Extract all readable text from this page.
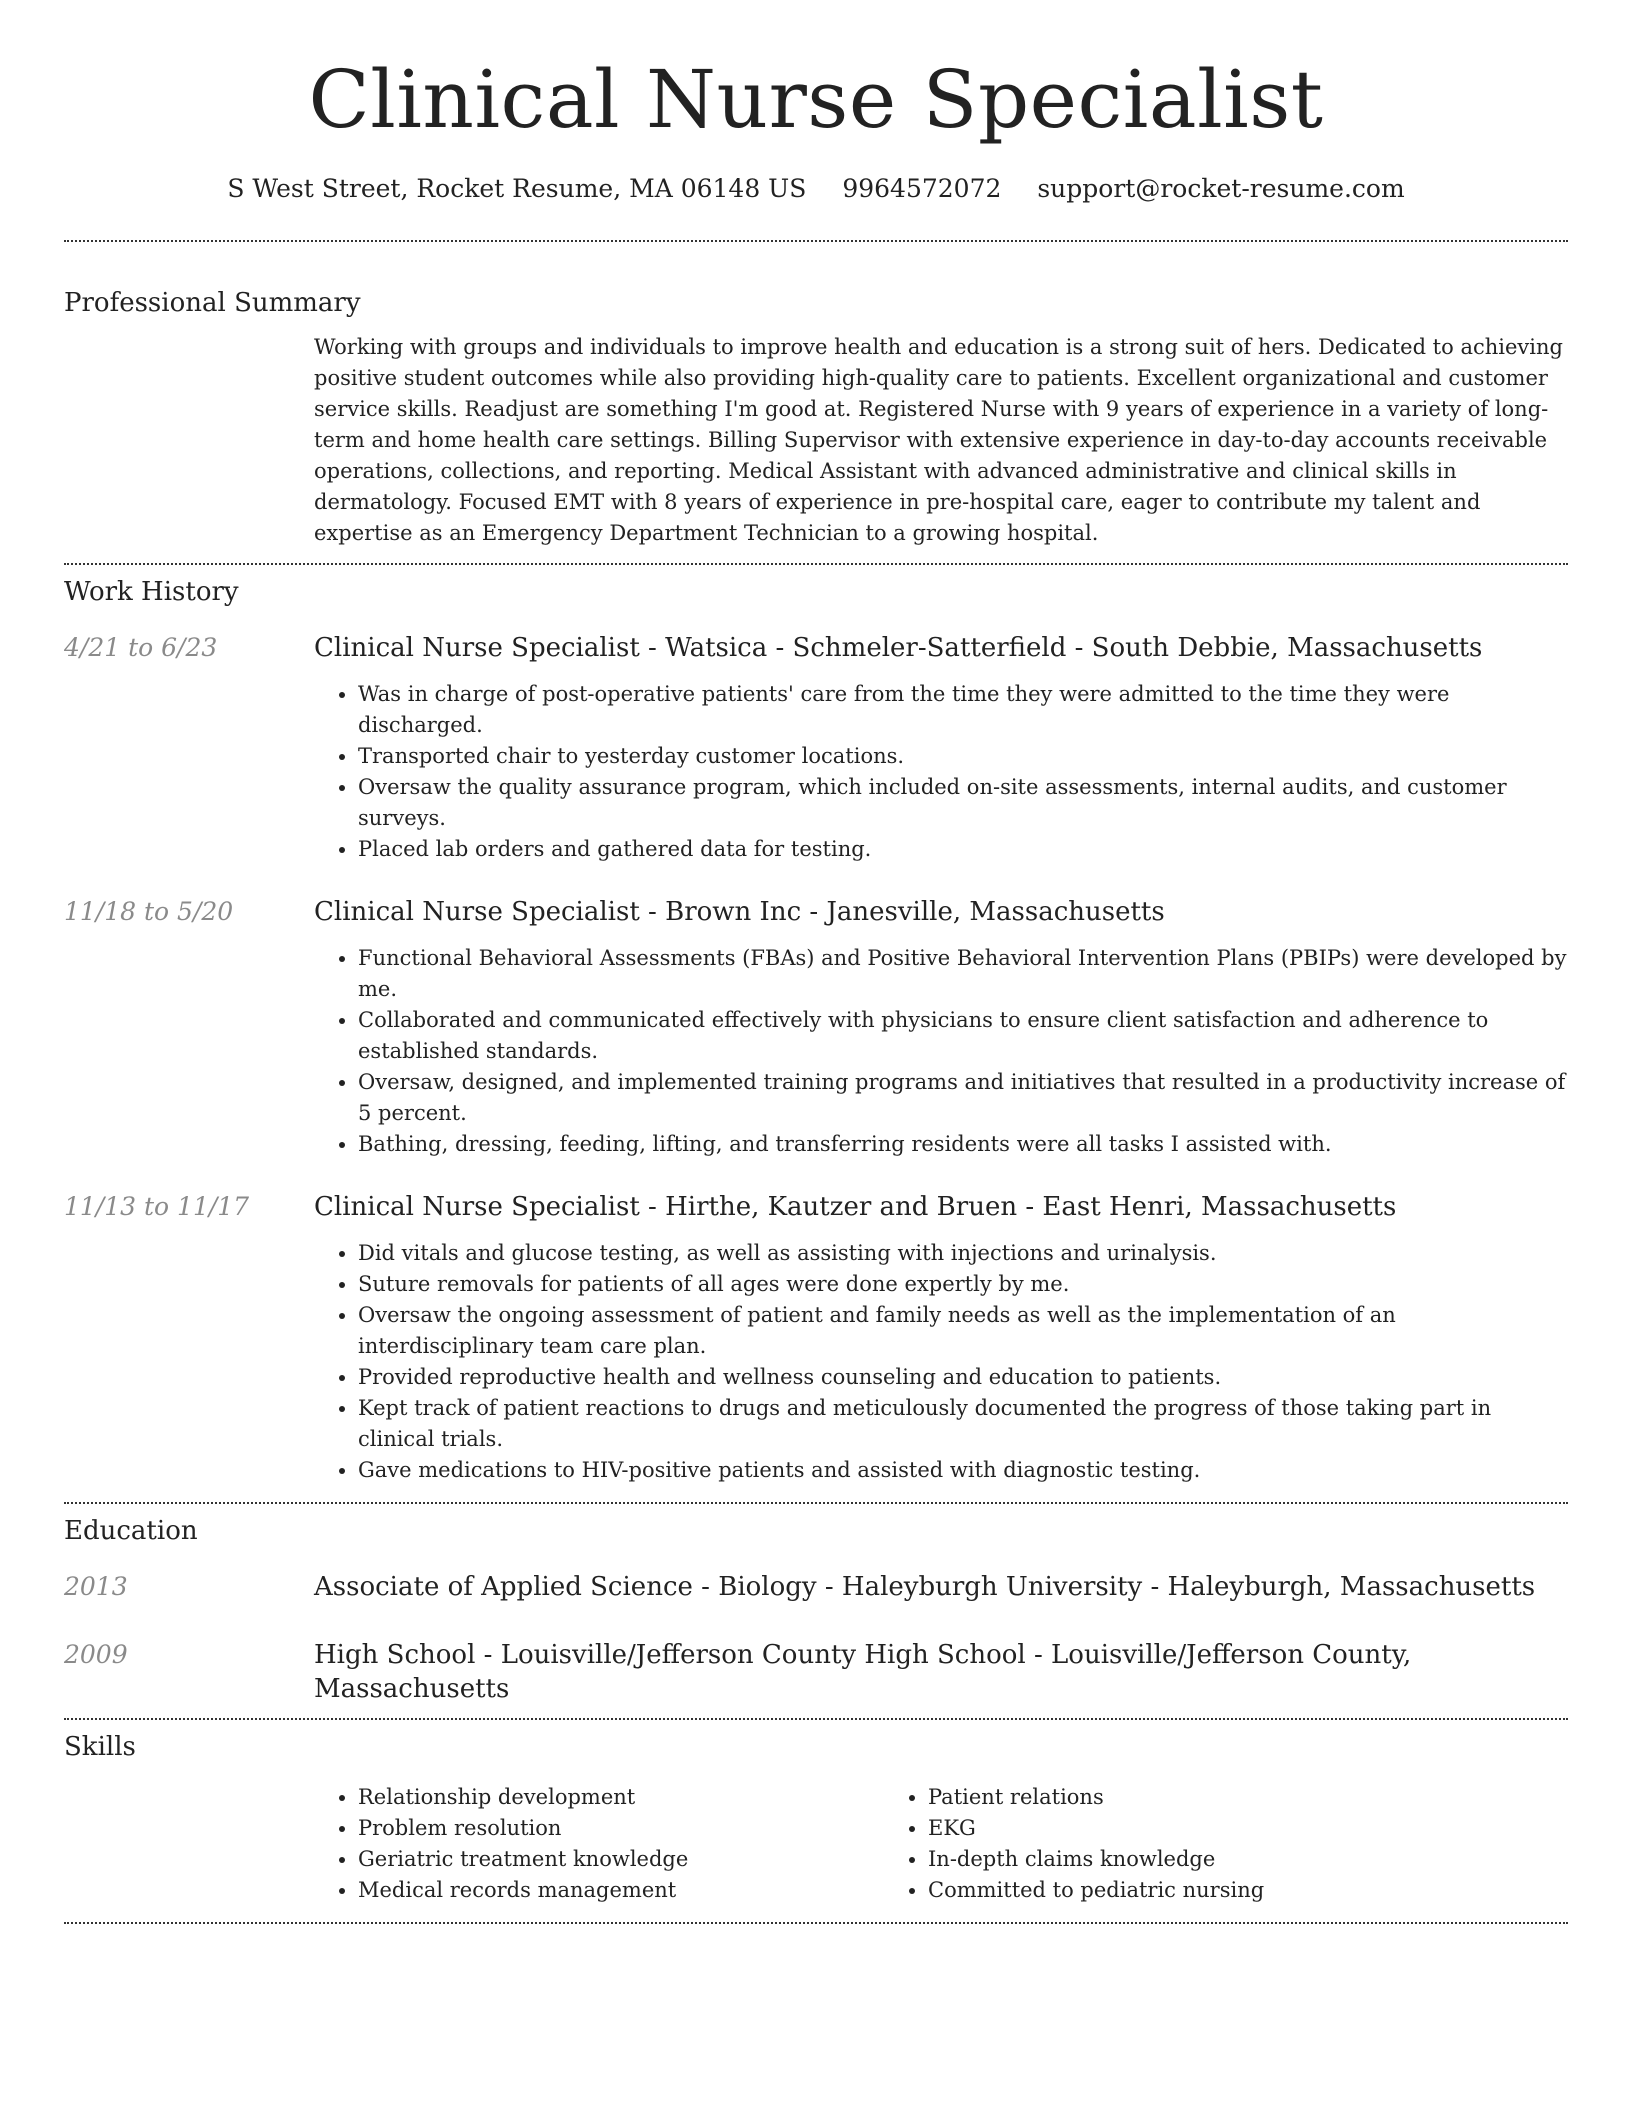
Clinical Nurse Specialist
S West Street, Rocket Resume, MA 06148 US 9964572072 support@rocket-resume.com
Professional Summary
Working with groups and individuals to improve health and education is a strong suit of hers. Dedicated to achieving positive student outcomes while also providing high-quality care to patients. Excellent organizational and customer service skills. Readjust are something I'm good at. Registered Nurse with 9 years of experience in a variety of long-term and home health care settings. Billing Supervisor with extensive experience in day-to-day accounts receivable operations, collections, and reporting. Medical Assistant with advanced administrative and clinical skills in dermatology. Focused EMT with 8 years of experience in pre-hospital care, eager to contribute my talent and expertise as an Emergency Department Technician to a growing hospital.
Work History
4/21 to 6/23	Clinical Nurse Specialist - Watsica - Schmeler-Satterfield - South Debbie, Massachusetts
• Was in charge of post-operative patients' care from the time they were admitted to the time they were discharged.
• Transported chair to yesterday customer locations.
• Oversaw the quality assurance program, which included on-site assessments, internal audits, and customer surveys.
• Placed lab orders and gathered data for testing.
11/18 to 5/20	Clinical Nurse Specialist - Brown Inc - Janesville, Massachusetts
• Functional Behavioral Assessments (FBAs) and Positive Behavioral Intervention Plans (PBIPs) were developed by me.
• Collaborated and communicated effectively with physicians to ensure client satisfaction and adherence to established standards.
• Oversaw, designed, and implemented training programs and initiatives that resulted in a productivity increase of 5 percent.
• Bathing, dressing, feeding, lifting, and transferring residents were all tasks I assisted with.
11/13 to 11/17	Clinical Nurse Specialist - Hirthe, Kautzer and Bruen - East Henri, Massachusetts
• Did vitals and glucose testing, as well as assisting with injections and urinalysis.
• Suture removals for patients of all ages were done expertly by me.
• Oversaw the ongoing assessment of patient and family needs as well as the implementation of an interdisciplinary team care plan.
• Provided reproductive health and wellness counseling and education to patients.
• Kept track of patient reactions to drugs and meticulously documented the progress of those taking part in clinical trials.
• Gave medications to HIV-positive patients and assisted with diagnostic testing.
Education
2013	Associate of Applied Science - Biology - Haleyburgh University - Haleyburgh, Massachusetts
2009	High School - Louisville/Jefferson County High School - Louisville/Jefferson County, Massachusetts
Skills
• Relationship development
• Problem resolution
• Geriatric treatment knowledge
• Medical records management
• Patient relations
• EKG
• In-depth claims knowledge
• Committed to pediatric nursing
